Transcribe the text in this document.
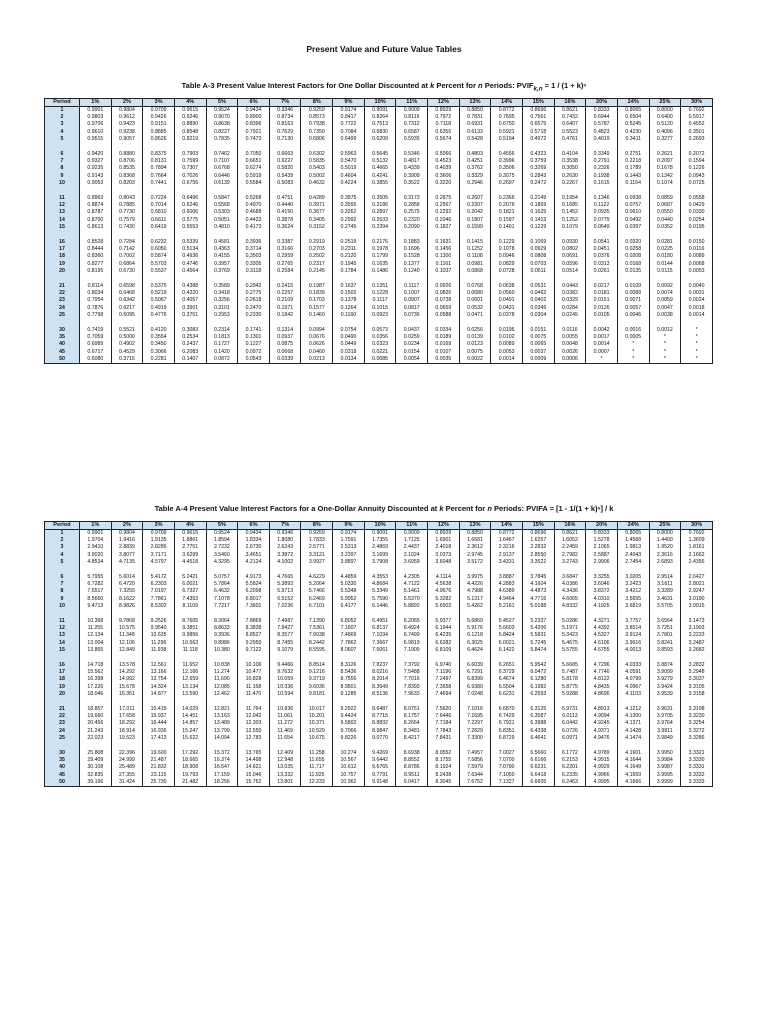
Present Value and Future Value Tables
Table A-3 Present Value Interest Factors for One Dollar Discounted at k Percent for n Periods: $PVIF_{k,n} = 1 / (1 + k)^n$
Period	1%	2%	3%	4%	5%	6%	7%	8%	9%	10%	11%	12%	13%	14%	15%	16%	20%	24%	25%	30%
1	0.9901	0.9804	0.9709	0.9615	0.9524	0.9434	0.9346	0.9259	0.9174	0.9091	0.9009	0.8929	0.8850	0.8772	0.8696	0.8621	0.8333	0.8065	0.8000	0.7692
2	0.9803	0.9612	0.9426	0.9246	0.9070	0.8900	0.8734	0.8573	0.8417	0.8264	0.8116	0.7972	0.7831	0.7695	0.7561	0.7432	0.6944	0.6504	0.6400	0.5917
3	0.9706	0.9423	0.9151	0.8890	0.8638	0.8396	0.8163	0.7938	0.7722	0.7513	0.7312	0.7118	0.6931	0.6750	0.6575	0.6407	0.5787	0.5245	0.5120	0.4552
4	0.9610	0.9238	0.8885	0.8548	0.8227	0.7921	0.7629	0.7350	0.7084	0.6830	0.6587	0.6355	0.6133	0.5921	0.5718	0.5523	0.4823	0.4230	0.4096	0.3501
5	0.9515	0.9057	0.8626	0.8219	0.7835	0.7473	0.7130	0.6806	0.6499	0.6209	0.5935	0.5674	0.5428	0.5194	0.4972	0.4761	0.4019	0.3411	0.3277	0.2693

6	0.9420	0.8880	0.8375	0.7903	0.7462	0.7050	0.6663	0.6302	0.5963	0.5645	0.5346	0.5066	0.4803	0.4556	0.4323	0.4104	0.3349	0.2751	0.2621	0.2072
7	0.9327	0.8706	0.8131	0.7599	0.7107	0.6651	0.6227	0.5835	0.5470	0.5132	0.4817	0.4523	0.4251	0.3996	0.3759	0.3538	0.2791	0.2218	0.2097	0.1594
8	0.9235	0.8535	0.7894	0.7307	0.6768	0.6274	0.5820	0.5403	0.5019	0.4665	0.4339	0.4039	0.3762	0.3506	0.3269	0.3050	0.2326	0.1789	0.1678	0.1226
9	0.9143	0.8368	0.7664	0.7026	0.6446	0.5919	0.5439	0.5002	0.4604	0.4241	0.3909	0.3606	0.3329	0.3075	0.2843	0.2630	0.1938	0.1443	0.1342	0.0943
10	0.9053	0.8203	0.7441	0.6756	0.6139	0.5584	0.5083	0.4632	0.4224	0.3855	0.3522	0.3220	0.2946	0.2697	0.2472	0.2267	0.1615	0.1164	0.1074	0.0725

11	0.8963	0.8043	0.7224	0.6496	0.5847	0.5268	0.4751	0.4289	0.3875	0.3505	0.3173	0.2875	0.2607	0.2366	0.2149	0.1954	0.1346	0.0938	0.0859	0.0558
12	0.8874	0.7885	0.7014	0.6246	0.5568	0.4970	0.4440	0.3971	0.3555	0.3186	0.2858	0.2567	0.2307	0.2076	0.1869	0.1685	0.1122	0.0757	0.0687	0.0429
13	0.8787	0.7730	0.6810	0.6006	0.5303	0.4688	0.4150	0.3677	0.3262	0.2897	0.2575	0.2292	0.2042	0.1821	0.1625	0.1452	0.0935	0.0610	0.0550	0.0330
14	0.8700	0.7579	0.6611	0.5775	0.5051	0.4423	0.3878	0.3405	0.2992	0.2633	0.2320	0.2046	0.1807	0.1597	0.1413	0.1252	0.0779	0.0492	0.0440	0.0254
15	0.8613	0.7430	0.6419	0.5553	0.4810	0.4173	0.3624	0.3152	0.2745	0.2394	0.2090	0.1827	0.1599	0.1401	0.1229	0.1079	0.0649	0.0397	0.0352	0.0195

16	0.8528	0.7284	0.6232	0.5339	0.4581	0.3936	0.3387	0.2919	0.2519	0.2176	0.1883	0.1631	0.1415	0.1229	0.1069	0.0930	0.0541	0.0320	0.0281	0.0150
17	0.8444	0.7142	0.6050	0.5134	0.4363	0.3714	0.3166	0.2703	0.2311	0.1978	0.1696	0.1456	0.1252	0.1078	0.0929	0.0802	0.0451	0.0258	0.0225	0.0116
18	0.8360	0.7002	0.5874	0.4936	0.4155	0.3503	0.2959	0.2502	0.2120	0.1799	0.1528	0.1300	0.1108	0.0946	0.0808	0.0691	0.0376	0.0208	0.0180	0.0089
19	0.8277	0.6864	0.5703	0.4746	0.3957	0.3305	0.2765	0.2317	0.1945	0.1635	0.1377	0.1161	0.0981	0.0829	0.0703	0.0596	0.0313	0.0168	0.0144	0.0068
20	0.8195	0.6730	0.5537	0.4564	0.3769	0.3118	0.2584	0.2145	0.1784	0.1486	0.1240	0.1037	0.0868	0.0728	0.0611	0.0514	0.0261	0.0135	0.0115	0.0053

21	0.8114	0.6598	0.5375	0.4388	0.3589	0.2942	0.2415	0.1987	0.1637	0.1351	0.1117	0.0926	0.0768	0.0638	0.0531	0.0443	0.0217	0.0109	0.0092	0.0040
22	0.8034	0.6468	0.5219	0.4220	0.3418	0.2775	0.2257	0.1839	0.1502	0.1228	0.1007	0.0826	0.0680	0.0560	0.0462	0.0382	0.0181	0.0088	0.0074	0.0031
23	0.7954	0.6342	0.5067	0.4057	0.3256	0.2618	0.2109	0.1703	0.1378	0.1117	0.0907	0.0738	0.0601	0.0491	0.0402	0.0329	0.0151	0.0071	0.0059	0.0024
24	0.7876	0.6217	0.4919	0.3901	0.3101	0.2470	0.1971	0.1577	0.1264	0.1015	0.0817	0.0659	0.0532	0.0431	0.0349	0.0284	0.0126	0.0057	0.0047	0.0018
25	0.7798	0.6095	0.4776	0.3751	0.2953	0.2330	0.1842	0.1460	0.1160	0.0923	0.0736	0.0588	0.0471	0.0378	0.0304	0.0245	0.0105	0.0046	0.0038	0.0014

30	0.7419	0.5521	0.4120	0.3083	0.2314	0.1741	0.1314	0.0994	0.0754	0.0573	0.0437	0.0334	0.0256	0.0196	0.0151	0.0116	0.0042	0.0016	0.0012	*
35	0.7059	0.5000	0.3554	0.2534	0.1813	0.1301	0.0937	0.0676	0.0490	0.0356	0.0259	0.0189	0.0139	0.0102	0.0075	0.0055	0.0017	0.0005	*	*
40	0.6989	0.4902	0.3450	0.2437	0.1727	0.1227	0.0875	0.0626	0.0449	0.0323	0.0234	0.0169	0.0123	0.0089	0.0065	0.0048	0.0014	*	*	*
45	0.6717	0.4529	0.3066	0.2083	0.1420	0.0972	0.0668	0.0460	0.0318	0.0221	0.0154	0.0107	0.0075	0.0053	0.0037	0.0026	0.0007	*	*	*
50	0.6080	0.3715	0.2281	0.1407	0.0872	0.0543	0.0339	0.0213	0.0134	0.0085	0.0054	0.0035	0.0022	0.0014	0.0009	0.0006	*	*	*	*
Table A-4 Present Value Interest Factors for a One-Dollar Annuity Discounted at k Percent for n Periods: PVIFA = [1 - 1/(1 + k)ⁿ] / k
Period	1%	2%	3%	4%	5%	6%	7%	8%	9%	10%	11%	12%	13%	14%	15%	16%	20%	24%	25%	30%
1	0.9901	0.9804	0.9709	0.9615	0.9524	0.9434	0.9346	0.9259	0.9174	0.9091	0.9009	0.8929	0.8850	0.8772	0.8696	0.8621	0.8333	0.8065	0.8000	0.7692
2	1.9704	1.9416	1.9135	1.8861	1.8594	1.8334	1.8080	1.7833	1.7591	1.7355	1.7125	1.6901	1.6681	1.6467	1.6257	1.6052	1.5278	1.4568	1.4400	1.3609
3	2.9410	2.8839	2.8286	2.7751	2.7232	2.6730	2.6243	2.5771	2.5313	2.4869	2.4437	2.4018	2.3612	2.3216	2.2832	2.2459	2.1065	1.9813	1.9520	1.8161
4	3.9020	3.8077	3.7171	3.6299	3.5460	3.4651	3.3872	3.3121	3.2397	3.1699	3.1024	3.0373	2.9745	2.9137	2.8550	2.7982	2.5887	2.4043	2.3616	2.1662
5	4.8534	4.7135	4.5797	4.4518	4.3295	4.2124	4.1002	3.9927	3.8897	3.7908	3.6959	3.6048	3.5172	3.4331	3.3522	3.2743	2.9906	2.7454	2.6893	2.4356

6	5.7955	5.6014	5.4172	5.2421	5.0757	4.9173	4.7665	4.6229	4.4859	4.3553	4.2305	4.1114	3.9975	3.8887	3.7845	3.6847	3.3255	3.0205	2.9514	2.6427
7	6.7282	6.4720	6.2303	6.0021	5.7864	5.5824	5.3893	5.2064	5.0330	4.8684	4.7122	4.5638	4.4226	4.2883	4.1604	4.0386	3.6046	3.2423	3.1611	2.8021
8	7.6517	7.3255	7.0197	6.7327	6.4632	6.2098	5.9713	5.7466	5.5348	5.3349	5.1461	4.9676	4.7988	4.6389	4.4873	4.3436	3.8372	3.4212	3.3289	2.9247
9	8.5660	8.1622	7.7861	7.4353	7.1078	6.8017	6.5152	6.2469	5.9952	5.7590	5.5370	5.3282	5.1317	4.9464	4.7716	4.6065	4.0310	3.5655	3.4631	3.0190
10	9.4713	8.9826	8.5302	8.1109	7.7217	7.3601	7.0236	6.7101	6.4177	6.1446	5.8892	5.6502	5.4262	5.2161	5.0188	4.8332	4.1925	3.6819	3.5705	3.0915

11	10.368	9.7868	9.2526	8.7605	8.3064	7.8869	7.4987	7.1390	6.8052	6.4951	6.2065	5.9377	5.6869	5.4527	5.2337	5.0286	4.3271	3.7757	3.6564	3.1473
12	11.255	10.575	9.9540	9.3851	8.8633	8.3838	7.9427	7.5361	7.1607	6.8137	6.4924	6.1944	5.9176	5.6603	5.4206	5.1971	4.4392	3.8514	3.7251	3.1903
13	12.134	11.348	10.635	9.9856	9.3936	8.8527	8.3577	7.9038	7.4869	7.1034	6.7499	6.4235	6.1218	5.8424	5.5831	5.3423	4.5327	3.9124	3.7801	3.2233
14	13.004	12.106	11.296	10.563	9.8986	9.2950	8.7455	8.2442	7.7862	7.3667	6.9819	6.6282	6.3025	6.0021	5.7245	5.4675	4.6106	3.9616	3.8241	3.2487
15	13.865	12.849	11.938	11.118	10.380	9.7122	9.1079	8.5595	8.0607	7.6061	7.1909	6.8109	6.4624	6.1422	5.8474	5.5755	4.6755	4.0013	3.8593	3.2682

16	14.718	13.578	12.561	11.652	10.838	10.106	9.4466	8.8514	8.3126	7.8237	7.3792	6.9740	6.6039	6.2651	5.9542	5.6685	4.7296	4.0333	3.8874	3.2832
17	15.562	14.292	13.166	12.166	11.274	10.477	9.7632	9.1216	8.5436	8.0216	7.5488	7.1196	6.7291	6.3729	6.0472	5.7487	4.7746	4.0591	3.9099	3.2948
18	16.398	14.992	13.754	12.659	11.690	10.828	10.059	9.3719	8.7556	8.2014	7.7016	7.2497	6.8399	6.4674	6.1280	5.8178	4.8122	4.0799	3.9279	3.3037
19	17.226	15.678	14.324	13.134	12.085	11.158	10.336	9.6036	8.9501	8.3649	7.8393	7.3658	6.9380	6.5504	6.1982	5.8775	4.8435	4.0967	3.9424	3.3105
20	18.046	16.351	14.877	13.590	12.462	11.470	10.594	9.8181	9.1285	8.5136	7.9633	7.4694	7.0248	6.6231	6.2593	5.9288	4.8696	4.1103	3.9539	3.3158

21	18.857	17.011	15.415	14.029	12.821	11.764	10.836	10.017	9.2922	8.6487	8.0751	7.5620	7.1016	6.6870	6.3125	5.9731	4.8913	4.1212	3.9631	3.3198
22	19.660	17.658	15.937	14.451	13.163	12.042	11.061	10.201	9.4424	8.7715	8.1757	7.6446	7.1695	6.7429	6.3587	6.0113	4.9094	4.1300	3.9705	3.3230
23	20.456	18.292	16.444	14.857	13.489	12.303	11.272	10.371	9.5802	8.8832	8.2664	7.7184	7.2297	6.7921	6.3988	6.0442	4.9245	4.1371	3.9764	3.3254
24	21.243	18.914	16.936	15.247	13.799	12.550	11.469	10.529	9.7066	8.9847	8.3481	7.7843	7.2829	6.8351	6.4338	6.0726	4.9371	4.1428	3.9811	3.3272
25	22.023	19.523	17.413	15.622	14.094	12.783	11.654	10.675	9.8226	9.0770	8.4217	7.8431	7.3300	6.8729	6.4641	6.0971	4.9476	4.1474	3.9849	3.3286

30	25.808	22.396	19.600	17.292	15.372	13.765	12.409	11.258	10.274	9.4269	8.6938	8.0552	7.4957	7.0027	6.5660	6.1772	4.9789	4.1601	3.9950	3.3321
35	29.409	24.999	21.487	18.665	16.374	14.498	12.948	11.655	10.567	9.6442	8.8552	8.1755	7.5856	7.0700	6.6166	6.2153	4.9915	4.1644	3.9984	3.3330
40	30.108	25.489	21.832	18.908	16.547	14.621	13.035	11.717	10.612	9.6765	8.8786	8.1924	7.5979	7.0790	6.6231	6.2201	4.9929	4.1649	3.9987	3.3331
45	32.835	27.355	23.115	19.793	17.159	15.046	13.332	11.925	10.757	9.7791	8.9511	8.2438	7.6344	7.1050	6.6418	6.2335	4.9966	4.1659	3.9995	3.3332
50	39.196	31.424	25.730	21.482	18.256	15.762	13.801	12.233	10.962	9.9148	9.0417	8.3045	7.6752	7.1327	6.6605	6.2463	4.9995	4.1666	3.9999	3.3333
